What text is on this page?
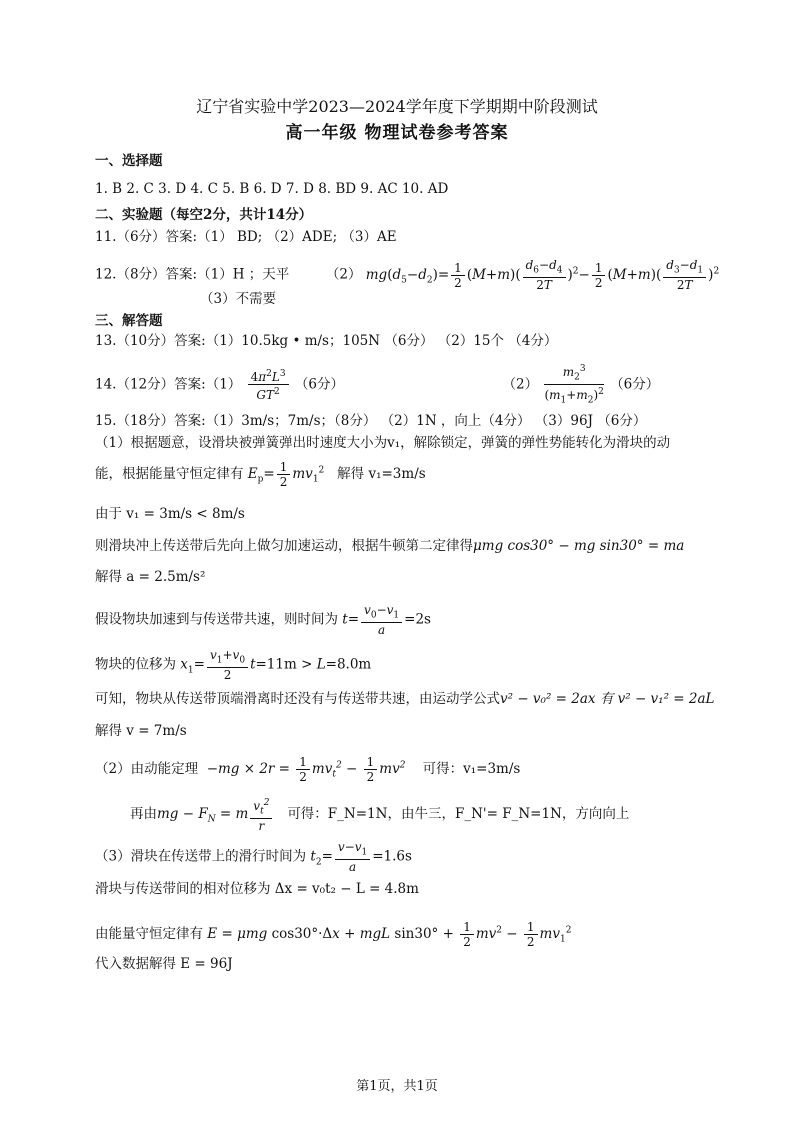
辽宁省实验中学2023—2024学年度下学期期中阶段测试
高一年级 物理试卷参考答案
一、选择题
1. B 2. C 3. D 4. C 5. B 6. D 7. D 8. BD 9. AC 10. AD
二、实验题（每空2分，共计14分）
11.（6分）答案:（1） BD; （2）ADE; （3）AE
12.（8分）答案:（1）H ；天平	（2） $mg(d_5-d_2)= \frac{1}{2} (M+m)( \frac{d_6-d_4}{2T} )^2- \frac{1}{2} (M+m)( \frac{d_3-d_1}{2T} )^2$
（3）不需要
三、解答题
13.（10分）答案:（1）10.5kg • m/s；105N （6分） （2）15个 （4分）
14.（12分）答案:（1） $\frac{4\pi^2L^3}{GT^2} (6$分）	$(2) \frac{m_2^3}{(m_1+m_2)^2} (6$分）
15.（18分）答案:（1）3m/s；7m/s；（8分） （2）1N ，向上（4分） （3）96J （6分）
（1）根据题意，设滑块被弹簧弹出时速度大小为v₁，解除锁定，弹簧的弹性势能转化为滑块的动
能，根据能量守恒定律有 $E_p= \frac{1}{2} mv_1^2$ 解得 v₁=3m/s
由于 v₁ = 3m/s < 8m/s
则滑块冲上传送带后先向上做匀加速运动，根据牛顿第二定律得μmg cos30° − mg sin30° = ma
解得 a = 2.5m/s²
假设物块加速到与传送带共速，则时间为 $t= \frac{v_0-v_1}{a} =2s$
物块的位移为 $x_1= \frac{v_1+v_0}{2} t=11m > L=8.0m$
可知，物块从传送带顶端滑离时还没有与传送带共速，由运动学公式v² − v₀² = 2ax 有 v² − v₁² = 2aL
解得 v = 7m/s
（2）由动能定理 $-mg \times 2r = \frac{1}{2} mv_t^2 - \frac{1}{2} mv^2$ 可得：v₁=3m/s
再由mg − $F_N = m \frac{v_t^2}{r}$ 可得：F_N=1N，由牛三，F_N'= F_N=1N，方向向上
（3）滑块在传送带上的滑行时间为 $t_2= \frac{v-v_1}{a} =1.6s$
滑块与传送带间的相对位移为 Δx = v₀t₂ − L = 4.8m
由能量守恒定律有 E = μmg cos30°·Δx + mgL $\sin 30^\circ + \frac{1}{2} mv^2 - \frac{1}{2} mv_1^2$
代入数据解得 E = 96J
第1页，共1页
